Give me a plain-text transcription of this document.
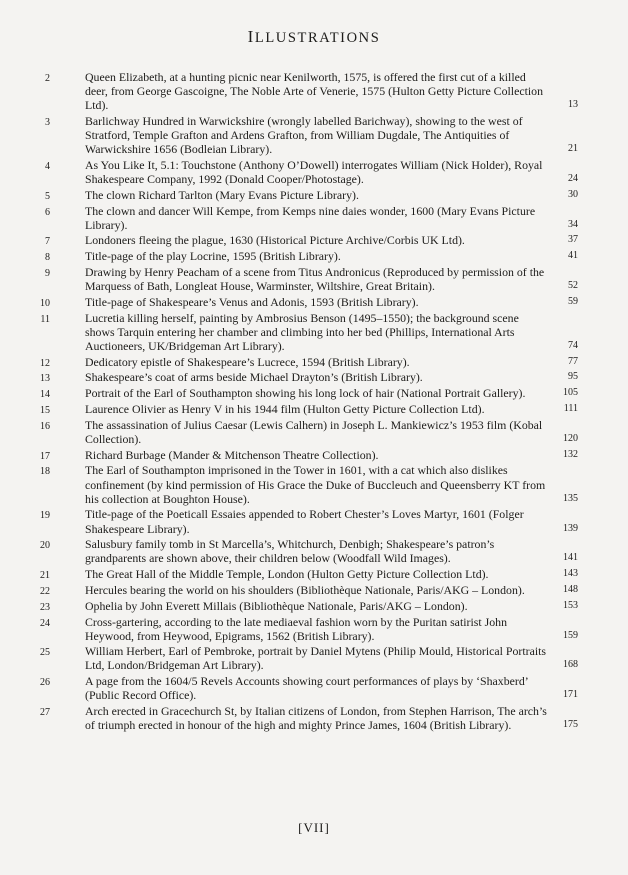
ILLUSTRATIONS
2	Queen Elizabeth, at a hunting picnic near Kenilworth, 1575, is offered the first cut of a killed deer, from George Gascoigne, The Noble Arte of Venerie, 1575 (Hulton Getty Picture Collection Ltd).	13
3	Barlichway Hundred in Warwickshire (wrongly labelled Barichway), showing to the west of Stratford, Temple Grafton and Ardens Grafton, from William Dugdale, The Antiquities of Warwickshire 1656 (Bodleian Library).	21
4	As You Like It, 5.1: Touchstone (Anthony O’Dowell) interrogates William (Nick Holder), Royal Shakespeare Company, 1992 (Donald Cooper/Photostage).	24
5	The clown Richard Tarlton (Mary Evans Picture Library).	30
6	The clown and dancer Will Kempe, from Kemps nine daies wonder, 1600 (Mary Evans Picture Library).	34
7	Londoners fleeing the plague, 1630 (Historical Picture Archive/Corbis UK Ltd).	37
8	Title-page of the play Locrine, 1595 (British Library).	41
9	Drawing by Henry Peacham of a scene from Titus Andronicus (Reproduced by permission of the Marquess of Bath, Longleat House, Warminster, Wiltshire, Great Britain).	52
10	Title-page of Shakespeare’s Venus and Adonis, 1593 (British Library).	59
11	Lucretia killing herself, painting by Ambrosius Benson (1495–1550); the background scene shows Tarquin entering her chamber and climbing into her bed (Phillips, International Arts Auctioneers, UK/Bridgeman Art Library).	74
12	Dedicatory epistle of Shakespeare’s Lucrece, 1594 (British Library).	77
13	Shakespeare’s coat of arms beside Michael Drayton’s (British Library).	95
14	Portrait of the Earl of Southampton showing his long lock of hair (National Portrait Gallery).	105
15	Laurence Olivier as Henry V in his 1944 film (Hulton Getty Picture Collection Ltd).	111
16	The assassination of Julius Caesar (Lewis Calhern) in Joseph L. Mankiewicz’s 1953 film (Kobal Collection).	120
17	Richard Burbage (Mander & Mitchenson Theatre Collection).	132
18	The Earl of Southampton imprisoned in the Tower in 1601, with a cat which also dislikes confinement (by kind permission of His Grace the Duke of Buccleuch and Queensberry KT from his collection at Boughton House).	135
19	Title-page of the Poeticall Essaies appended to Robert Chester’s Loves Martyr, 1601 (Folger Shakespeare Library).	139
20	Salusbury family tomb in St Marcella’s, Whitchurch, Denbigh; Shakespeare’s patron’s grandparents are shown above, their children below (Woodfall Wild Images).	141
21	The Great Hall of the Middle Temple, London (Hulton Getty Picture Collection Ltd).	143
22	Hercules bearing the world on his shoulders (Bibliothèque Nationale, Paris/AKG – London).	148
23	Ophelia by John Everett Millais (Bibliothèque Nationale, Paris/AKG – London).	153
24	Cross-gartering, according to the late mediaeval fashion worn by the Puritan satirist John Heywood, from Heywood, Epigrams, 1562 (British Library).	159
25	William Herbert, Earl of Pembroke, portrait by Daniel Mytens (Philip Mould, Historical Portraits Ltd, London/Bridgeman Art Library).	168
26	A page from the 1604/5 Revels Accounts showing court performances of plays by ‘Shaxberd’ (Public Record Office).	171
27	Arch erected in Gracechurch St, by Italian citizens of London, from Stephen Harrison, The arch’s of triumph erected in honour of the high and mighty Prince James, 1604 (British Library).	175
[VII]
